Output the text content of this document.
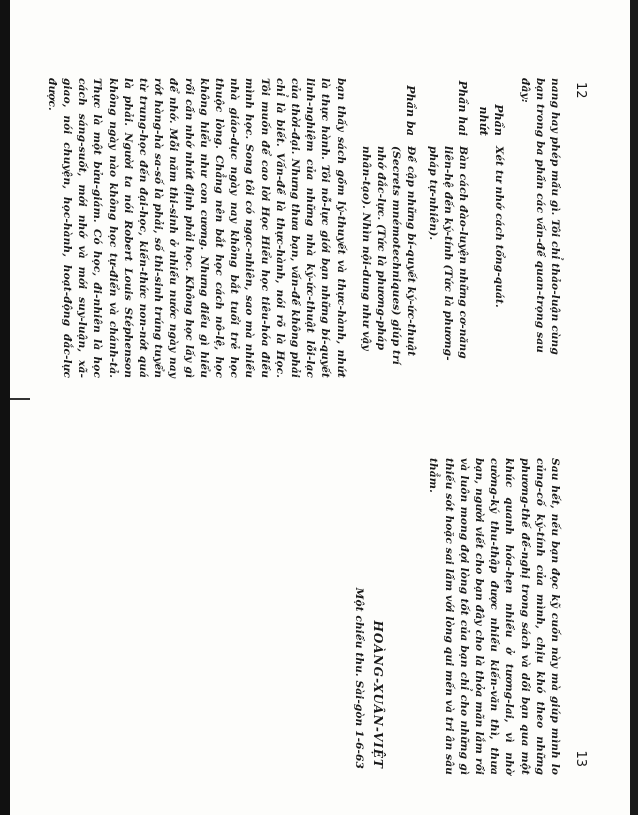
12
nang hay phép mầu gì. Tôi chỉ thảo-luận cùng bạn trong ba phần các vấn-đề quan-trọng sau đây:
Phần nhứt
Xét tư nhớ cách tổng-quát.
Phần hai
Bàn cách đào-luyện những cơ-năng liên-hệ đến ký-tính (Tức là phương-pháp tự-nhiên).
Phần ba
Đề cập những bí-quyết ký-ức-thuật (Secrets mnémotechniques) giúp trí nhớ đắc-lực. (Tức là phương-pháp nhân-tạo). Nhìn nội-dung như vậy
bạn thấy sách gồm lý-thuyết và thực-hành, nhứt là thực hành. Tôi nỗ-lực giới bạn những bí-quyết linh-nghiệm của những nhà ký-ức-thuật lỗi-lạc của thời-đại. Nhưng thưa bạn, vấn-đề không phải chỉ là biết. Vấn-đề là thực-hành, nói rõ là Học. Tôi muốn để cao lời Học Hiểu học tiêu-hóa điều mình học. Song tôi có ngạc-nhiên, sao mà nhiều nhà giáo-dục ngày nay không bắt tuổi trẻ học thuộc lòng. Chẳng nên bắt học cách nô-lệ, học không hiểu như con cương. Nhưng điều gì hiểu rồi cần nhớ nhứt định phải học. Không học lấy gì để nhớ. Mỗi năm thi-sinh ở nhiều nước ngày nay rớt hàng-hà sa-số là phải, số thi-sinh trúng tuyển từ trung-học đến đại-học, kiến-thức non-nớt quá là phải. Người ta nói Robert Louis Stéphenson không ngày nào không học tự-điển và chánh-tả. Thực là một bửu-giám. Có học, đi-nhiên là học cách sáng-suốt, mới nhớ và mới suy-luận, xã-giao, nói chuyện, học-hành, hoạt-động đắc-lực được.
13
Sau hết, nếu bạn đọc kỹ cuốn này mà giúp mình lo củng-cố ký-tính của mình, chịu khó theo những phương-thế đề-nghị trong sách và dồi bạn qua một khúc quanh hóa-hẹn nhiều ở tương-lai, vì nhờ cường-ký thu-thập được nhiều kiến-văn thì, thưa bạn, người viết cho bạn đây cho là thỏa mãn lắm rồi và luôn mong đợi lòng tốt của bạn chỉ cho những gì thiếu sót hoặc sai lầm với lòng qui mến và tri ân sâu thẳm.
HOÀNG-XUÂN-VIỆT
Một chiều thu. Sài-gòn 1-6-63
